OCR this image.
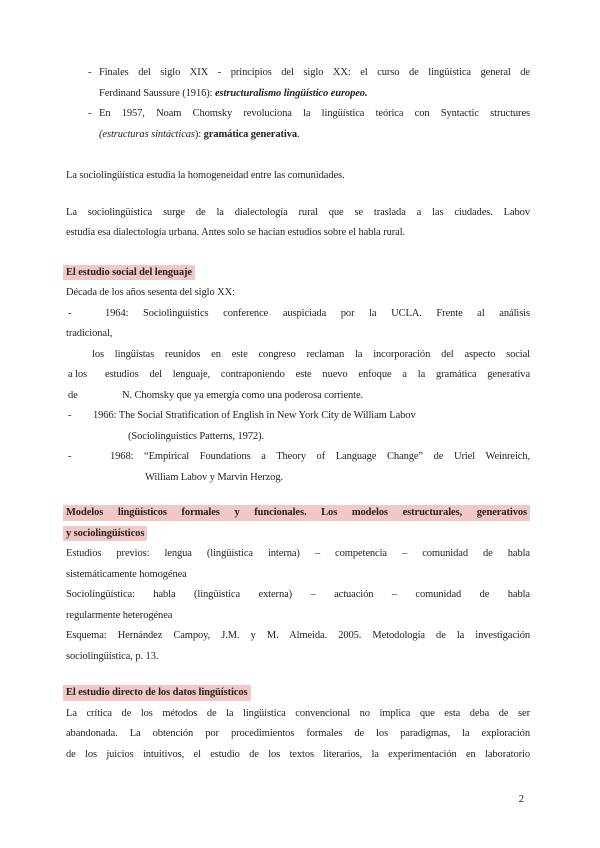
- Finales del siglo XIX - principios del siglo XX: el curso de lingüística general de
Ferdinand Saussure (1916): estructuralismo lingüístico europeo.
- En 1957, Noam Chomsky revoluciona la lingüística teórica con Syntactic structures
(estructuras sintácticas): gramática generativa.
La sociolingüística estudia la homogeneidad entre las comunidades.
La sociolingüística surge de la dialectología rural que se traslada a las ciudades. Labov
estudia esa dialectología urbana. Antes solo se hacían estudios sobre el habla rural.
El estudio social del lenguaje
Década de los años sesenta del siglo XX:
-	1964: Sociolinguistics conference auspiciada por la UCLA. Frente al análisis
tradicional,
los lingüistas reunidos en este congreso reclaman la incorporación del aspecto social
a los estudios del lenguaje, contraponiendo este nuevo enfoque a la gramática generativa
de	N. Chomsky que ya emergía como una poderosa corriente.
- 1966: The Social Stratification of English in New York City de William Labov
(Sociolinguistics Patterns, 1972).
-	1968: “Empirical Foundations a Theory of Language Change” de Uriel Weinreich,
William Labov y Marvin Herzog.
Modelos lingüísticos formales y funcionales. Los modelos estructurales, generativos
y sociolingüísticos
Estudios previos: lengua (lingüística interna) – competencia – comunidad de habla
sistemáticamente homogénea
Sociolingüística: habla (lingüística externa) – actuación – comunidad de habla
regularmente heterogénea
Esquema: Hernández Campoy, J.M. y M. Almeida. 2005. Metodología de la investigación
sociolingüística, p. 13.
El estudio directo de los datos lingüísticos
La crítica de los métodos de la lingüística convencional no implica que esta deba de ser
abandonada. La obtención por procedimientos formales de los paradigmas, la exploración
de los juicios intuitivos, el estudio de los textos literarios, la experimentación en laboratorio
2
